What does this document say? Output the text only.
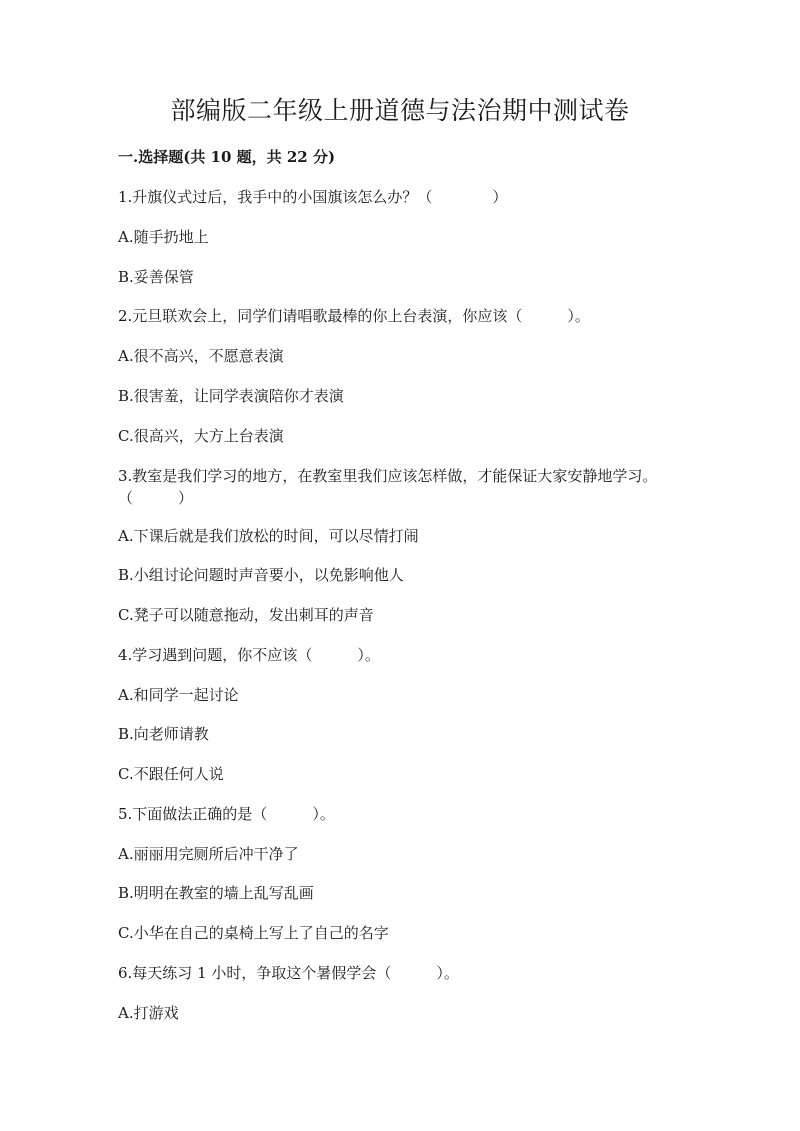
部编版二年级上册道德与法治期中测试卷
一.选择题(共 10 题，共 22 分)
1.升旗仪式过后，我手中的小国旗该怎么办？（　　　　）
A.随手扔地上
B.妥善保管
2.元旦联欢会上，同学们请唱歌最棒的你上台表演，你应该（　　　）。
A.很不高兴，不愿意表演
B.很害羞，让同学表演陪你才表演
C.很高兴，大方上台表演
3.教室是我们学习的地方，在教室里我们应该怎样做，才能保证大家安静地学习。（　　　）
A.下课后就是我们放松的时间，可以尽情打闹
B.小组讨论问题时声音要小，以免影响他人
C.凳子可以随意拖动，发出刺耳的声音
4.学习遇到问题，你不应该（　　　）。
A.和同学一起讨论
B.向老师请教
C.不跟任何人说
5.下面做法正确的是（　　　）。
A.丽丽用完厕所后冲干净了
B.明明在教室的墙上乱写乱画
C.小华在自己的桌椅上写上了自己的名字
6.每天练习 1 小时，争取这个暑假学会（　　　）。
A.打游戏
